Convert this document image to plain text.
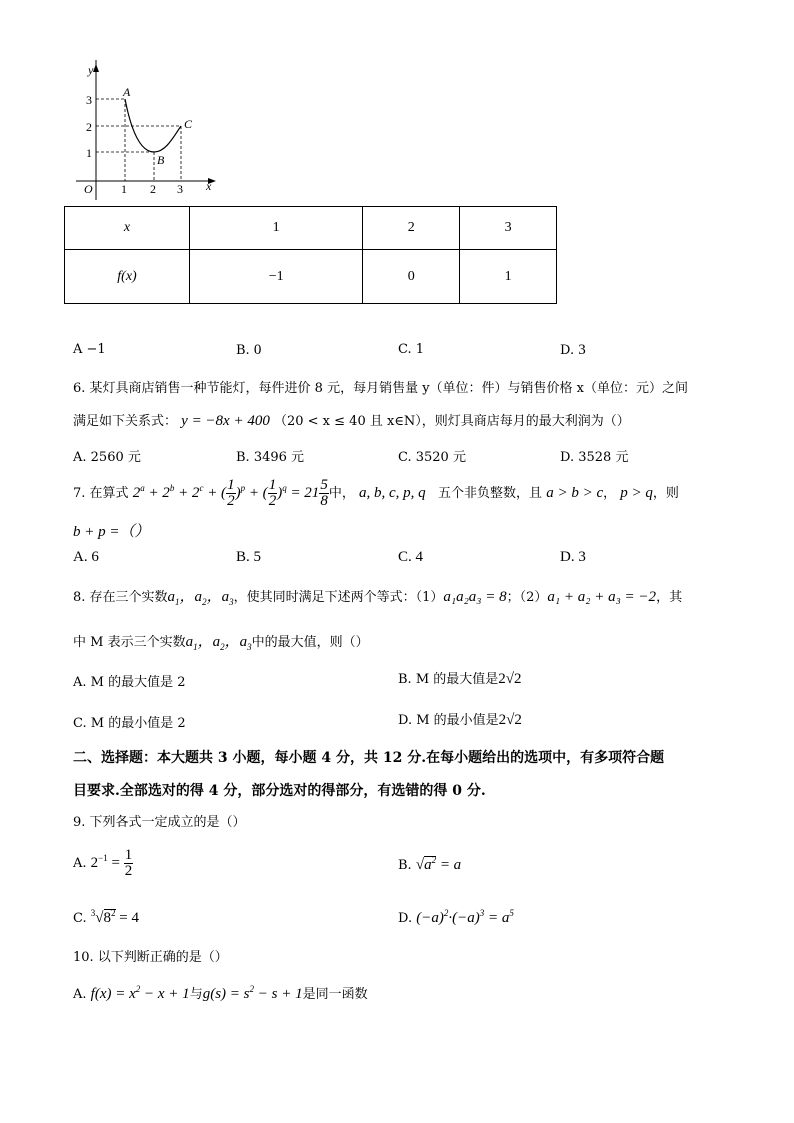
y
x
O
3
2
1
1 2 3
A
B
C
x	1	2	3
f(x)	−1	0	1
A −1	B. 0	C. 1	D. 3
6. 某灯具商店销售一种节能灯，每件进价 8 元，每月销售量 y（单位：件）与销售价格 x（单位：元）之间
满足如下关系式： y = −8x + 400 （20 < x ≤ 40 且 x∈N），则灯具商店每月的最大利润为（）
A. 2560 元	B. 3496 元	C. 3520 元	D. 3528 元
7. 在算式 $2^a + 2^b + 2^c$ + ( $\frac{1}{2} )^p$ + ( $\frac{1}{2} )^q = 21 \frac{5}{8}$ 中， a, b, c, p, q 五个非负整数，且 a > b > c， p > q，则
b + p =（）
A. 6	B. 5	C. 4	D. 3
8. 存在三个实数$a_1$，$a_2$，$a_3$，使其同时满足下述两个等式：（1）a₁a₂a₃ = 8；（2）a₁ + a₂ + a₃ = −2，其
中 M 表示三个实数$a_1$，$a_2$，$a_3$中的最大值，则（）
A. M 的最大值是 2	B. M 的最大值是2√2
C. M 的最小值是 2	D. M 的最小值是2√2
二、选择题：本大题共 3 小题，每小题 4 分，共 12 分.在每小题给出的选项中，有多项符合题
目要求.全部选对的得 4 分，部分选对的得部分，有选错的得 0 分.
9. 下列各式一定成立的是（）
A. $2^{-1} = \frac{1}{2}$	B. $√a^2 = a$
C. $^3√8^2 = 4$	D. $(-a)^2\cdot(-a)^3 = a^5$
10. 以下判断正确的是（）
A. $f(x) = x^2 - x + 1$与$g(s) = s^2 - s + 1$是同一函数
